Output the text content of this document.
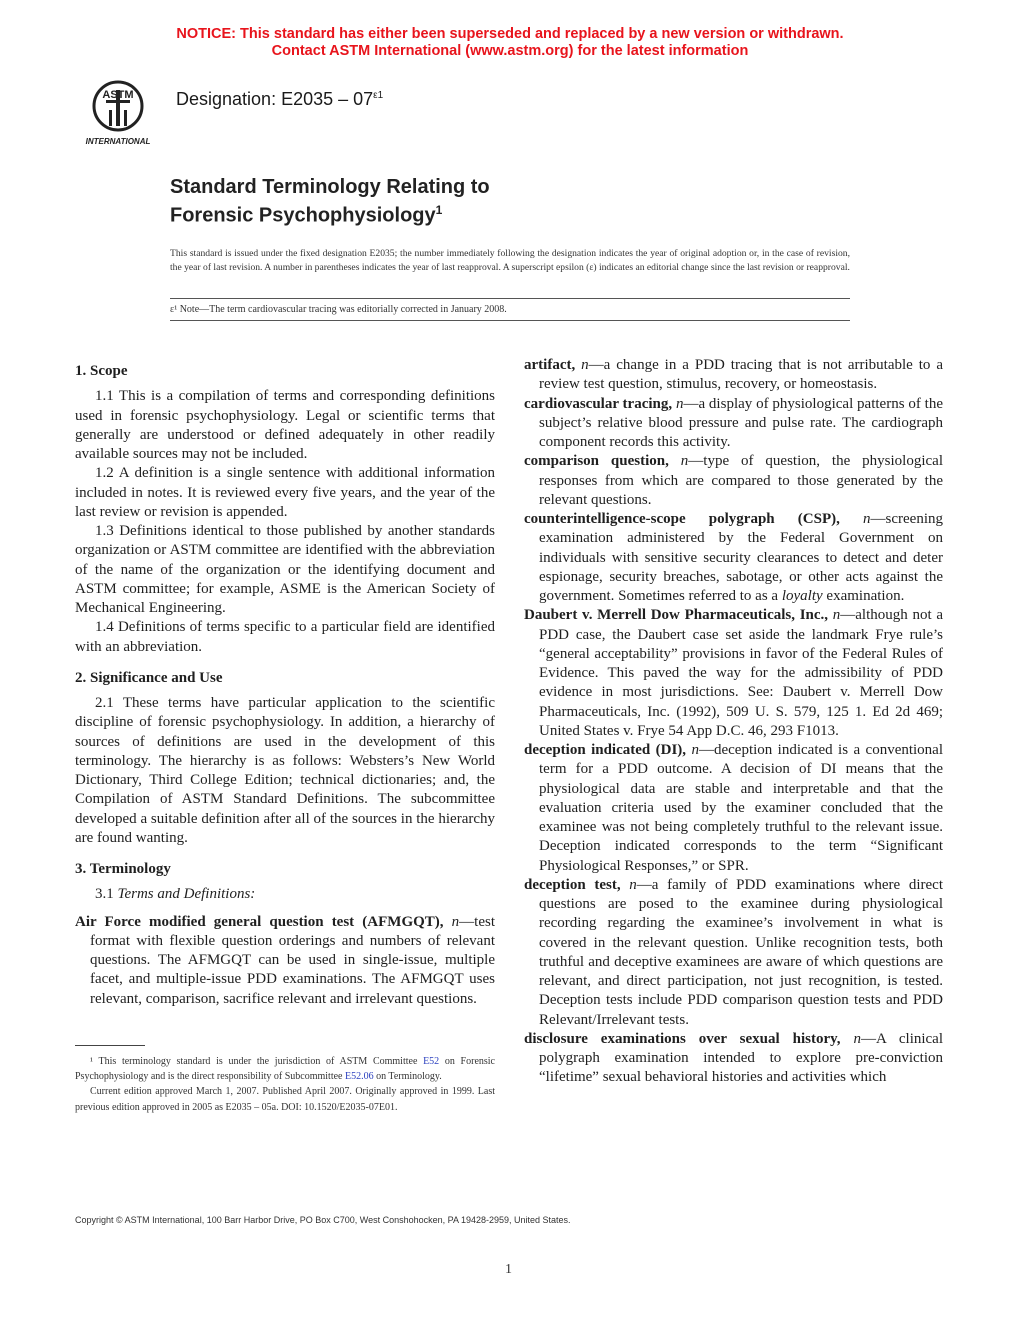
NOTICE: This standard has either been superseded and replaced by a new version or withdrawn.
Contact ASTM International (www.astm.org) for the latest information
ASTM
INTERNATIONAL
Designation: $E2035 - 07^{\varepsilon 1}$
Standard Terminology Relating to
Forensic Psychophysiology$^1$
This standard is issued under the fixed designation E2035; the number immediately following the designation indicates the year of original adoption or, in the case of revision, the year of last revision. A number in parentheses indicates the year of last reapproval. A superscript epsilon (ε) indicates an editorial change since the last revision or reapproval.
ε¹ Note—The term cardiovascular tracing was editorially corrected in January 2008.
1. Scope

1.1 This is a compilation of terms and corresponding definitions used in forensic psychophysiology. Legal or scientific terms that generally are understood or defined adequately in other readily available sources may not be included.

1.2 A definition is a single sentence with additional information included in notes. It is reviewed every five years, and the year of the last review or revision is appended.

1.3 Definitions identical to those published by another standards organization or ASTM committee are identified with the abbreviation of the name of the organization or the identifying document and ASTM committee; for example, ASME is the American Society of Mechanical Engineering.

1.4 Definitions of terms specific to a particular field are identified with an abbreviation.

2. Significance and Use

2.1 These terms have particular application to the scientific discipline of forensic psychophysiology. In addition, a hierarchy of sources of definitions are used in the development of this terminology. The hierarchy is as follows: Websters’s New World Dictionary, Third College Edition; technical dictionaries; and, the Compilation of ASTM Standard Definitions. The subcommittee developed a suitable definition after all of the sources in the hierarchy are found wanting.

3. Terminology

3.1 Terms and Definitions:

Air Force modified general question test (AFMGQT), n—test format with flexible question orderings and numbers of relevant questions. The AFMGQT can be used in single-issue, multiple facet, and multiple-issue PDD examinations. The AFMGQT uses relevant, comparison, sacrifice relevant and irrelevant questions.

¹ This terminology standard is under the jurisdiction of ASTM Committee E52 on Forensic Psychophysiology and is the direct responsibility of Subcommittee E52.06 on Terminology.

Current edition approved March 1, 2007. Published April 2007. Originally approved in 1999. Last previous edition approved in 2005 as E2035 – 05a. DOI: 10.1520/E2035-07E01.

artifact, n—a change in a PDD tracing that is not arributable to a review test question, stimulus, recovery, or homeostasis.

cardiovascular tracing, n—a display of physiological patterns of the subject’s relative blood pressure and pulse rate. The cardiograph component records this activity.

comparison question, n—type of question, the physiological responses from which are compared to those generated by the relevant questions.

counterintelligence-scope polygraph (CSP), n—screening examination administered by the Federal Government on individuals with sensitive security clearances to detect and deter espionage, security breaches, sabotage, or other acts against the government. Sometimes referred to as a loyalty examination.

Daubert v. Merrell Dow Pharmaceuticals, Inc., n—although not a PDD case, the Daubert case set aside the landmark Frye rule’s “general acceptability” provisions in favor of the Federal Rules of Evidence. This paved the way for the admissibility of PDD evidence in most jurisdictions. See: Daubert v. Merrell Dow Pharmaceuticals, Inc. (1992), 509 U. S. 579, 125 1. Ed 2d 469; United States v. Frye 54 App D.C. 46, 293 F1013.

deception indicated (DI), n—deception indicated is a conventional term for a PDD outcome. A decision of DI means that the physiological data are stable and interpretable and that the evaluation criteria used by the examiner concluded that the examinee was not being completely truthful to the relevant issue. Deception indicated corresponds to the term “Significant Physiological Responses,” or SPR.

deception test, n—a family of PDD examinations where direct questions are posed to the examinee during physiological recording regarding the examinee’s involvement in what is covered in the relevant question. Unlike recognition tests, both truthful and deceptive examinees are aware of which questions are relevant, and direct participation, not just recognition, is tested. Deception tests include PDD comparison question tests and PDD Relevant/Irrelevant tests.

disclosure examinations over sexual history, n—A clinical polygraph examination intended to explore pre-conviction “lifetime” sexual behavioral histories and activities which

Copyright © ASTM International, 100 Barr Harbor Drive, PO Box C700, West Conshohocken, PA 19428-2959, United States.
1
